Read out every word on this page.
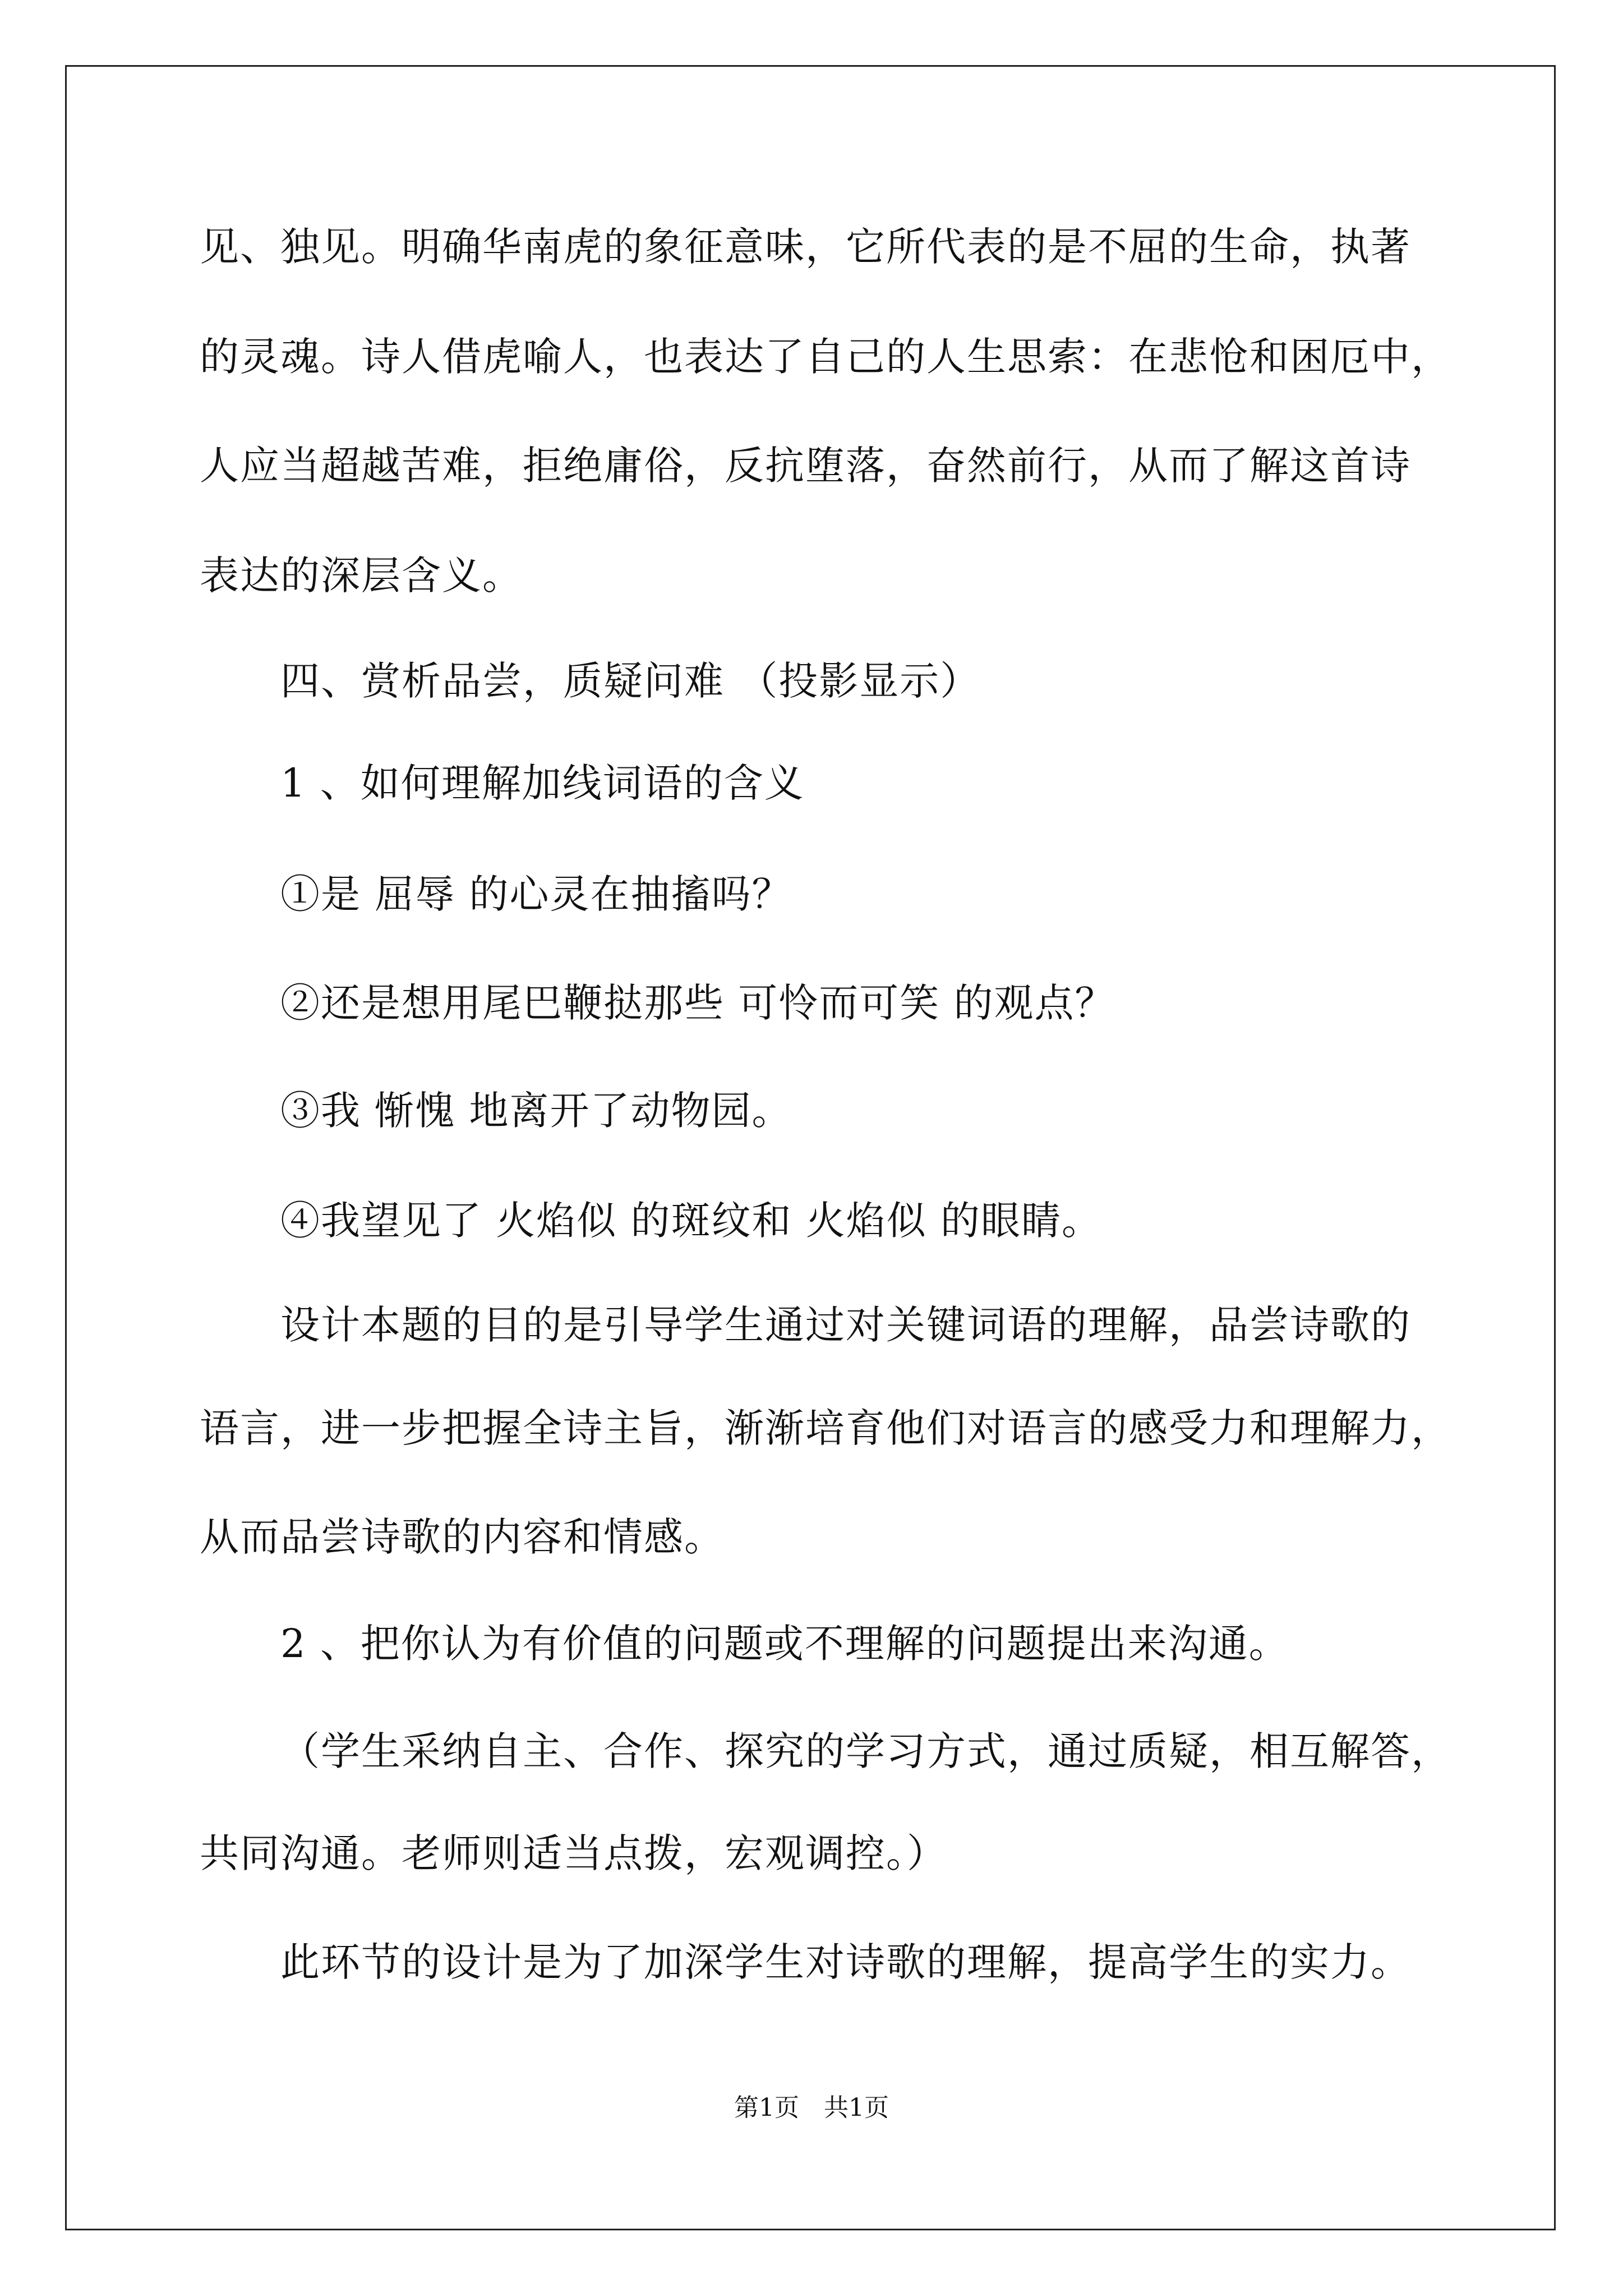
见、独见。明确华南虎的象征意味，它所代表的是不屈的生命，执著
的灵魂。诗人借虎喻人，也表达了自己的人生思索：在悲怆和困厄中，
人应当超越苦难，拒绝庸俗，反抗堕落，奋然前行，从而了解这首诗
表达的深层含义。
四、赏析品尝，质疑问难 （投影显示）
1 、如何理解加线词语的含义
①是 屈辱 的心灵在抽搐吗？
②还是想用尾巴鞭挞那些 可怜而可笑 的观点？
③我 惭愧 地离开了动物园。
④我望见了 火焰似 的斑纹和 火焰似 的眼睛。
设计本题的目的是引导学生通过对关键词语的理解，品尝诗歌的
语言，进一步把握全诗主旨，渐渐培育他们对语言的感受力和理解力，
从而品尝诗歌的内容和情感。
2 、把你认为有价值的问题或不理解的问题提出来沟通。
（学生采纳自主、合作、探究的学习方式，通过质疑，相互解答，
共同沟通。老师则适当点拨，宏观调控。）
此环节的设计是为了加深学生对诗歌的理解，提高学生的实力。
第1页　共1页
